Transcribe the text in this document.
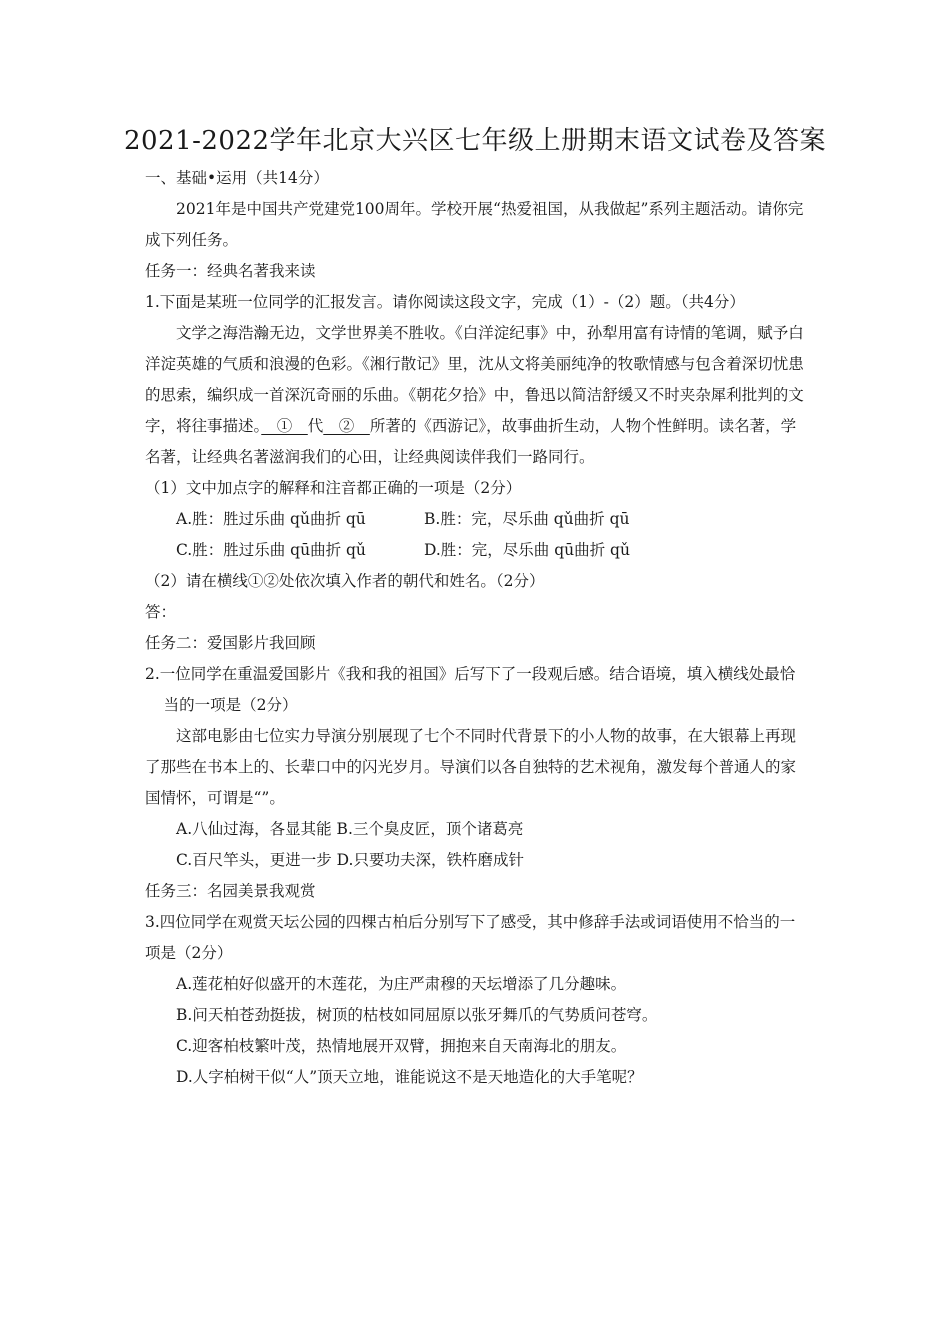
2021-2022学年北京大兴区七年级上册期末语文试卷及答案

一、基础•运用（共14分）

2021年是中国共产党建党100周年。学校开展“热爱祖国，从我做起”系列主题活动。请你完成下列任务。

任务一：经典名著我来读

1.下面是某班一位同学的汇报发言。请你阅读这段文字，完成（1）-（2）题。（共4分）

文学之海浩瀚无边，文学世界美不胜收。《白洋淀纪事》中，孙犁用富有诗情的笔调，赋予白洋淀英雄的气质和浪漫的色彩。《湘行散记》里，沈从文将美丽纯净的牧歌情感与包含着深切忧患的思索，编织成一首深沉奇丽的乐曲。《朝花夕拾》中，鲁迅以简洁舒缓又不时夹杂犀利批判的文字，将往事描述。　①　代　②　所著的《西游记》，故事曲折生动，人物个性鲜明。读名著，学名著，让经典名著滋润我们的心田，让经典阅读伴我们一路同行。

（1）文中加点字的解释和注音都正确的一项是（2分）

A.胜：胜过乐曲 qǔ曲折 qū	B.胜：完，尽乐曲 qǔ曲折 qū
C.胜：胜过乐曲 qū曲折 qǔ	D.胜：完，尽乐曲 qū曲折 qǔ

（2）请在横线①②处依次填入作者的朝代和姓名。（2分）

答：

任务二：爱国影片我回顾

2.一位同学在重温爱国影片《我和我的祖国》后写下了一段观后感。结合语境，填入横线处最恰当的一项是（2分）

这部电影由七位实力导演分别展现了七个不同时代背景下的小人物的故事，在大银幕上再现了那些在书本上的、长辈口中的闪光岁月。导演们以各自独特的艺术视角，激发每个普通人的家国情怀，可谓是“”。

A.八仙过海，各显其能 B.三个臭皮匠，顶个诸葛亮

C.百尺竿头，更进一步 D.只要功夫深，铁杵磨成针

任务三：名园美景我观赏

3.四位同学在观赏天坛公园的四棵古柏后分别写下了感受，其中修辞手法或词语使用不恰当的一项是（2分）

A.莲花柏好似盛开的木莲花，为庄严肃穆的天坛增添了几分趣味。

B.问天柏苍劲挺拔，树顶的枯枝如同屈原以张牙舞爪的气势质问苍穹。

C.迎客柏枝繁叶茂，热情地展开双臂，拥抱来自天南海北的朋友。

D.人字柏树干似“人”顶天立地，谁能说这不是天地造化的大手笔呢？
